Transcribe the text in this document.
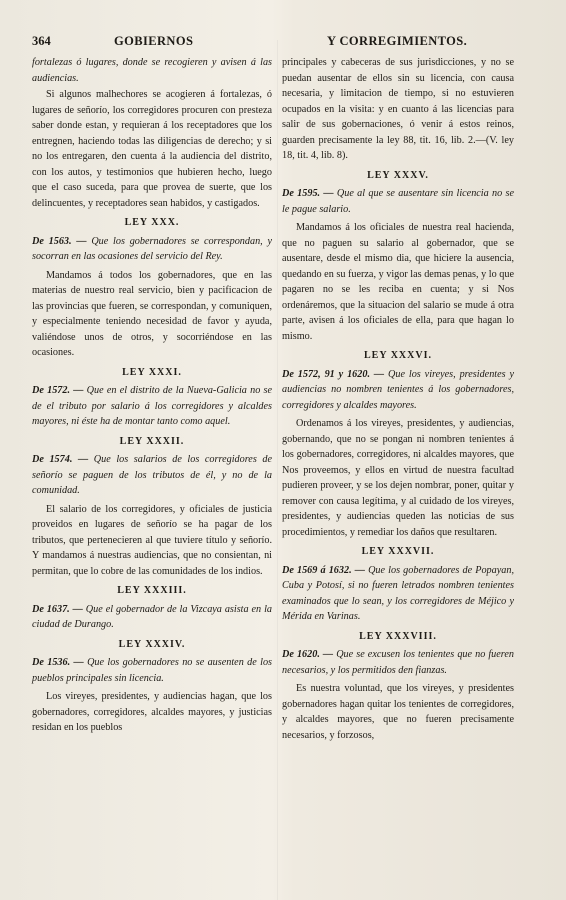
364	GOBIERNOS	Y CORREGIMIENTOS.

fortalezas ó lugares, donde se recogieren y avisen á las audiencias.

Si algunos malhechores se acogieren á fortalezas, ó lugares de señorío, los corregidores procuren con presteza saber donde estan, y requieran á los receptadores que los entregnen, haciendo todas las diligencias de derecho; y si no los entregaren, den cuenta á la audiencia del distrito, con los autos, y testimonios que hubieren hecho, luego que el caso suceda, para que provea de suerte, que los delincuentes, y receptadores sean habidos, y castigados.

LEY XXX.

De 1563. — Que los gobernadores se correspondan, y socorran en las ocasiones del servicio del Rey.

Mandamos á todos los gobernadores, que en las materias de nuestro real servicio, bien y pacificacion de las provincias que fueren, se correspondan, y comuniquen, y especialmente teniendo necesidad de favor y ayuda, valiéndose unos de otros, y socorriéndose en las ocasiones.

LEY XXXI.

De 1572. — Que en el distrito de la Nueva-Galicia no se de el tributo por salario á los corregidores y alcaldes mayores, ni éste ha de montar tanto como aquel.

LEY XXXII.

De 1574. — Que los salarios de los corregidores de señorío se paguen de los tributos de él, y no de la comunidad.

El salario de los corregidores, y oficiales de justicia proveidos en lugares de señorío se ha pagar de los tributos, que pertenecieren al que tuviere título y señorío. Y mandamos á nuestras audiencias, que no consientan, ni permitan, que lo cobre de las comunidades de los indios.

LEY XXXIII.

De 1637. — Que el gobernador de la Vizcaya asista en la ciudad de Durango.

LEY XXXIV.

De 1536. — Que los gobernadores no se ausenten de los pueblos principales sin licencia.

Los vireyes, presidentes, y audiencias hagan, que los gobernadores, corregidores, alcaldes mayores, y justicias residan en los pueblos

principales y cabeceras de sus jurisdicciones, y no se puedan ausentar de ellos sin su licencia, con causa necesaria, y limitacion de tiempo, si no estuvieren ocupados en la visita: y en cuanto á las licencias para salir de sus gobernaciones, ó venir á estos reinos, guarden precisamente la ley 88, tit. 16, lib. 2.—(V. ley 18, tit. 4, lib. 8).

LEY XXXV.

De 1595. — Que al que se ausentare sin licencia no se le pague salario.

Mandamos á los oficiales de nuestra real hacienda, que no paguen su salario al gobernador, que se ausentare, desde el mismo dia, que hiciere la ausencia, quedando en su fuerza, y vigor las demas penas, y lo que pagaren no se les reciba en cuenta; y si Nos ordenáremos, que la situacion del salario se mude á otra parte, avisen á los oficiales de ella, para que hagan lo mismo.

LEY XXXVI.

De 1572, 91 y 1620. — Que los vireyes, presidentes y audiencias no nombren tenientes á los gobernadores, corregidores y alcaldes mayores.

Ordenamos á los vireyes, presidentes, y audiencias, gobernando, que no se pongan ni nombren tenientes á los gobernadores, corregidores, ni alcaldes mayores, que Nos proveemos, y ellos en virtud de nuestra facultad pudieren proveer, y se los dejen nombrar, poner, quitar y remover con causa legítima, y al cuidado de los vireyes, presidentes, y audiencias queden las noticias de sus procedimientos, y remediar los daños que resultaren.

LEY XXXVII.

De 1569 á 1632. — Que los gobernadores de Popayan, Cuba y Potosí, si no fueren letrados nombren tenientes examinados que lo sean, y los corregidores de Méjico y Mérida en Varinas.

LEY XXXVIII.

De 1620. — Que se excusen los tenientes que no fueren necesarios, y los permitidos den fianzas.

Es nuestra voluntad, que los vireyes, y presidentes gobernadores hagan quitar los tenientes de corregidores, y alcaldes mayores, que no fueren precisamente necesarios, y forzosos,
